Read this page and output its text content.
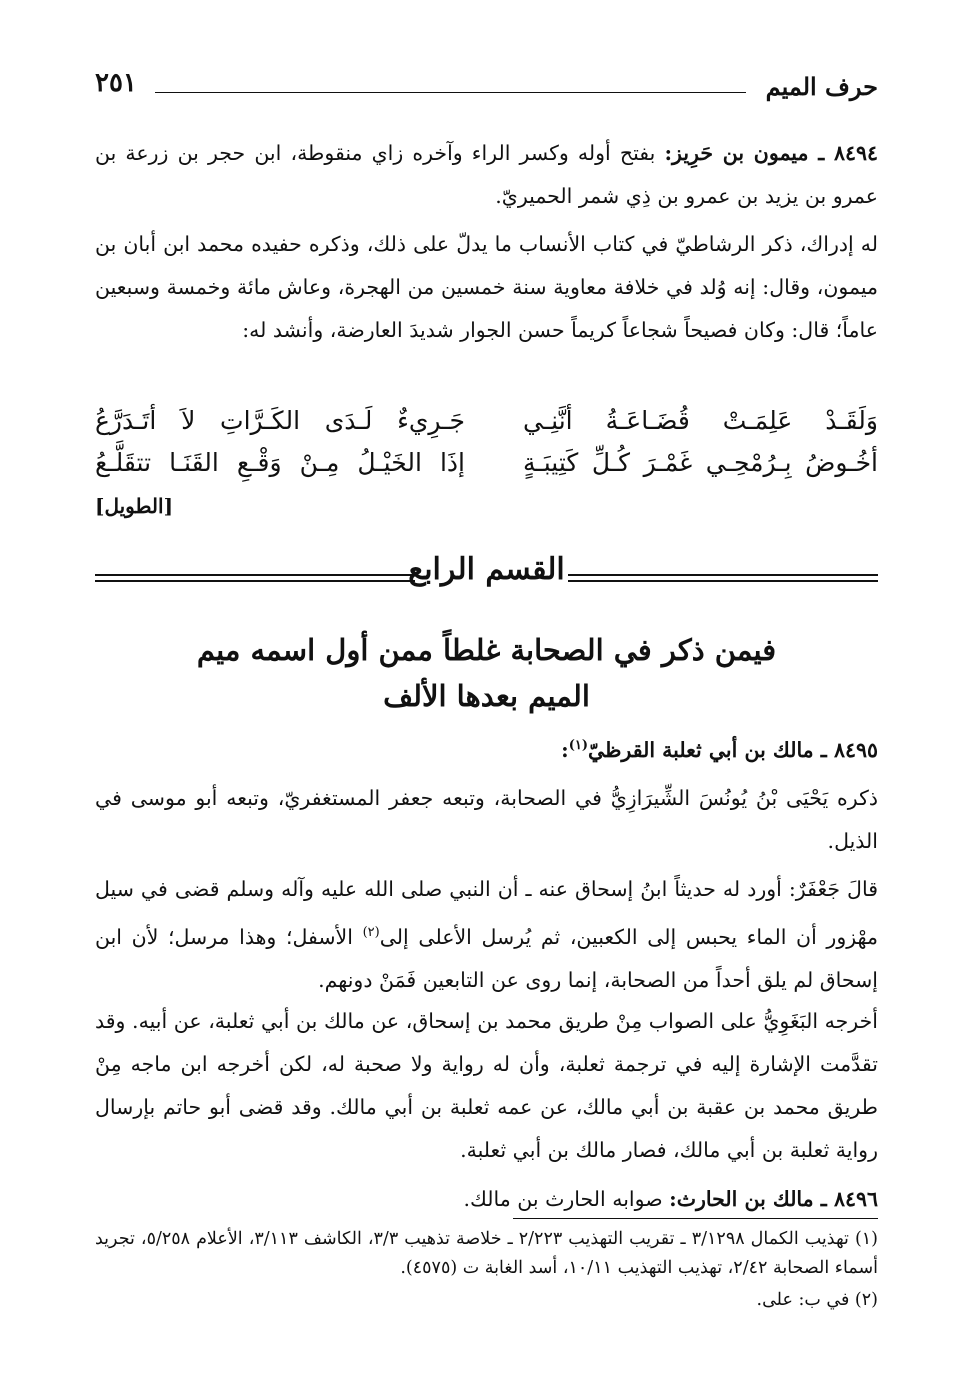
حرف الميم
٢٥١
٨٤٩٤ ـ ميمون بن حَرِيز: بفتح أوله وكسر الراء وآخره زاي منقوطة، ابن حجر بن زرعة بن عمرو بن يزيد بن عمرو بن ذِي شمر الحميريّ.
له إدراك، ذكر الرشاطيّ في كتاب الأنساب ما يدلّ على ذلك، وذكره حفيده محمد ابن أبان بن ميمون، وقال: إنه وُلد في خلافة معاوية سنة خمسين من الهجرة، وعاش مائة وخمسة وسبعين عاماً؛ قال: وكان فصيحاً شجاعاً كريماً حسن الجوار شديدَ العارضة، وأنشد له:
وَلَقَـدْ عَلِمَـتْ قُضَـاعَـةُ أنَّنِـي
جَـرِيءٌ لَـدَى الكَـرَّاتِ لاَ أتَـدَرَّعُ
أخُـوضُ بِـرُمْحِـي غَمْـرَ كُـلِّ كَتِيبَـةٍ
إذَا الخَيْـلُ مِـنْ وَقْـعِ القَنَـا تتقَلَّـعُ
[الطويل]
القسم الرابع
فيمن ذكر في الصحابة غلطاً ممن أول اسمه ميم
الميم بعدها الألف
٨٤٩٥ ـ مالك بن أبي ثعلبة القرظيّ$^{(١)}$:
ذكره يَحْيَى بْنُ يُونُسَ الشِّيرَازِيُّ في الصحابة، وتبعه جعفر المستغفريّ، وتبعه أبو موسى في الذيل.
قالَ جَعْفَرٌ: أورد له حديثاً ابنُ إسحاق عنه ـ أن النبي صلى الله عليه وآله وسلم قضى في سيل مهْزور أن الماء يحبس إلى الكعبين، ثم يُرسل الأعلى إلى$^{(٢)}$ الأسفل؛ وهذا مرسل؛ لأن ابن إسحاق لم يلق أحداً من الصحابة، إنما روى عن التابعين فَمَنْ دونهم.
أخرجه البَغَوِيُّ على الصواب مِنْ طريق محمد بن إسحاق، عن مالك بن أبي ثعلبة، عن أبيه. وقد تقدَّمت الإشارة إليه في ترجمة ثعلبة، وأن له رواية ولا صحبة له، لكن أخرجه ابن ماجه مِنْ طريق محمد بن عقبة بن أبي مالك، عن عمه ثعلبة بن أبي مالك. وقد قضى أبو حاتم بإرسال رواية ثعلبة بن أبي مالك، فصار مالك بن أبي ثعلبة.
٨٤٩٦ ـ مالك بن الحارث: صوابه الحارث بن مالك.
(١) تهذيب الكمال ٣/١٢٩٨ ـ تقريب التهذيب ٢/٢٢٣ ـ خلاصة تذهيب ٣/٣، الكاشف ٣/١١٣، الأعلام ٥/٢٥٨، تجريد أسماء الصحابة ٢/٤٢، تهذيب التهذيب ١٠/١١، أسد الغابة ت (٤٥٧٥).
(٢) في ب: على.
